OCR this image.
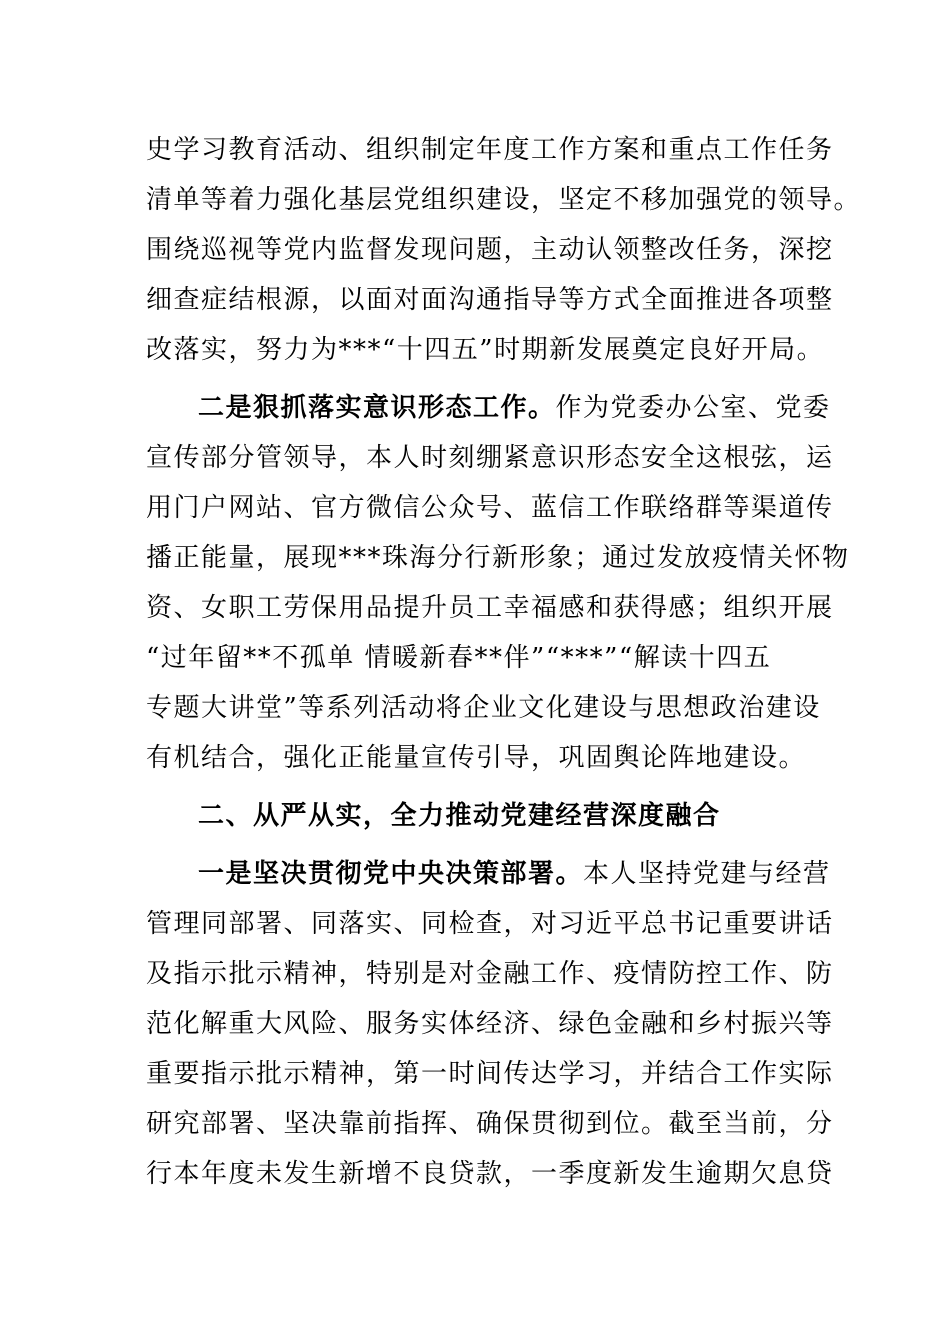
史学习教育活动、组织制定年度工作方案和重点工作任务
清单等着力强化基层党组织建设，坚定不移加强党的领导。
围绕巡视等党内监督发现问题，主动认领整改任务，深挖
细查症结根源，以面对面沟通指导等方式全面推进各项整
改落实，努力为***“十四五”时期新发展奠定良好开局。
二是狠抓落实意识形态工作。作为党委办公室、党委
宣传部分管领导，本人时刻绷紧意识形态安全这根弦，运
用门户网站、官方微信公众号、蓝信工作联络群等渠道传
播正能量，展现***珠海分行新形象；通过发放疫情关怀物
资、女职工劳保用品提升员工幸福感和获得感；组织开展
“过年留**不孤单 情暖新春**伴”“***”“解读十四五
专题大讲堂”等系列活动将企业文化建设与思想政治建设
有机结合，强化正能量宣传引导，巩固舆论阵地建设。
二、从严从实，全力推动党建经营深度融合
一是坚决贯彻党中央决策部署。本人坚持党建与经营
管理同部署、同落实、同检查，对习近平总书记重要讲话
及指示批示精神，特别是对金融工作、疫情防控工作、防
范化解重大风险、服务实体经济、绿色金融和乡村振兴等
重要指示批示精神，第一时间传达学习，并结合工作实际
研究部署、坚决靠前指挥、确保贯彻到位。截至当前，分
行本年度未发生新增不良贷款，一季度新发生逾期欠息贷
